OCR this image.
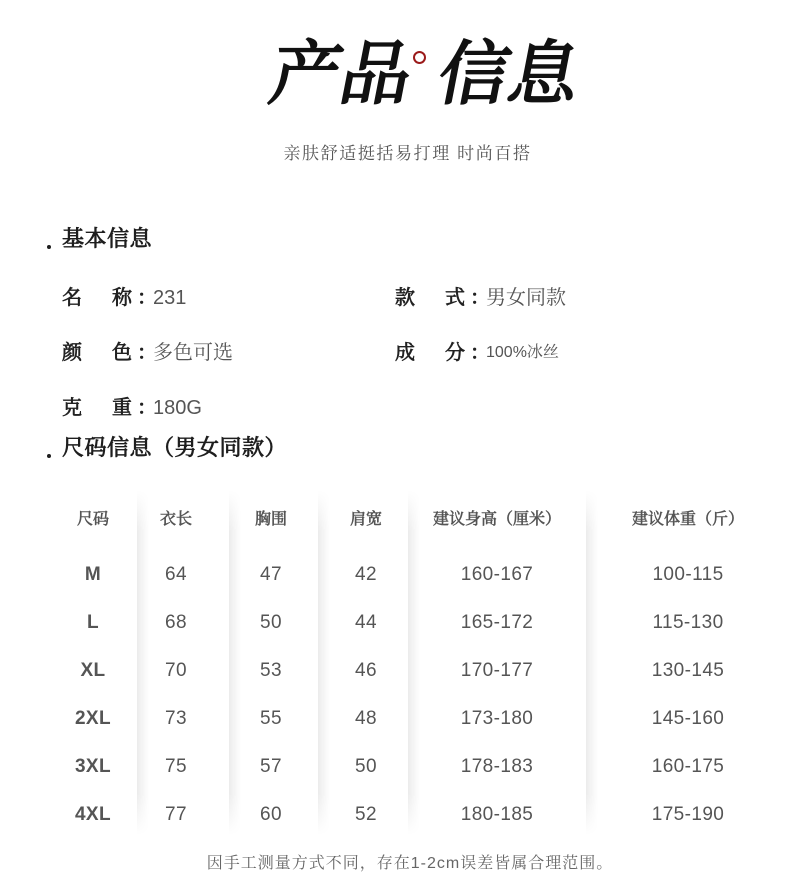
产品 信息
亲肤舒适挺括易打理 时尚百搭
基本信息
名　称：231	款　式：男女同款
颜　色：多色可选	成　分：$^{100\%冰丝}$
克　重：180G
尺码信息（男女同款）
尺码	衣长	胸围	肩宽	建议身高（厘米）	建议体重（斤）
M	64	47	42	160-167	100-115
L	68	50	44	165-172	115-130
XL	70	53	46	170-177	130-145
2XL	73	55	48	173-180	145-160
3XL	75	57	50	178-183	160-175
4XL	77	60	52	180-185	175-190
因手工测量方式不同，存在1-2cm误差皆属合理范围。
